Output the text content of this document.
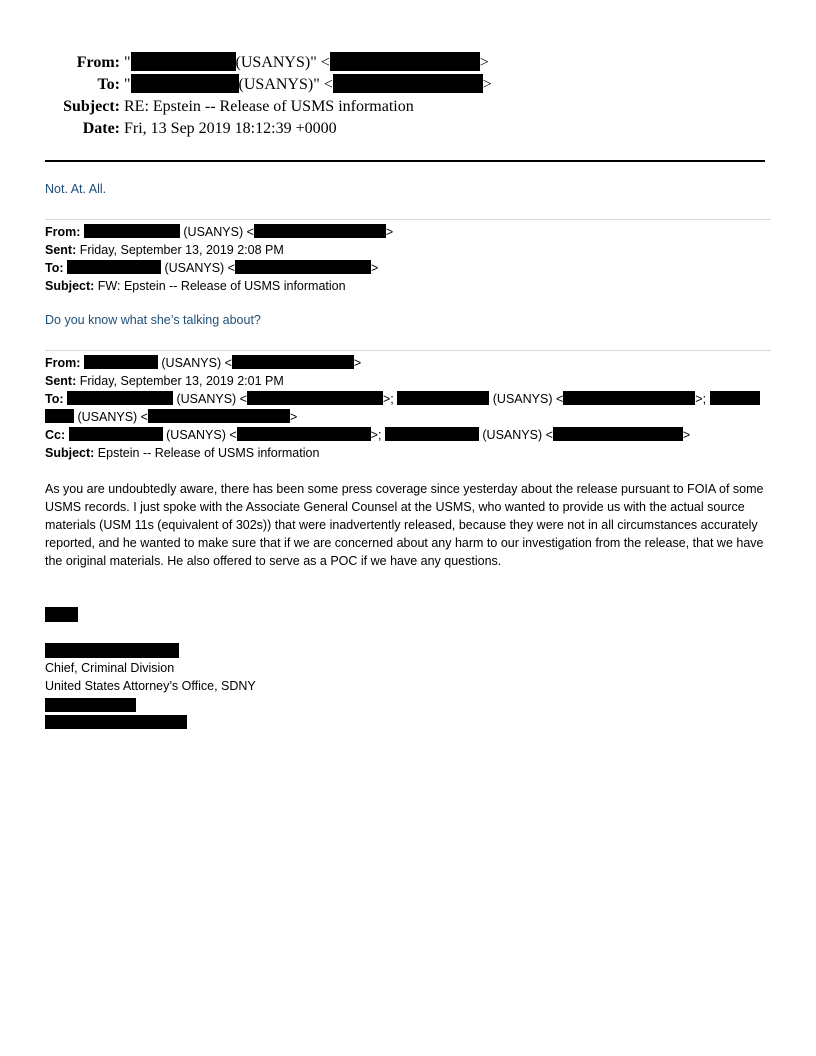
From: "	(USANYS)" <	>
To: "	(USANYS)" <	>
Subject: RE: Epstein -- Release of USMS information
Date: Fri, 13 Sep 2019 18:12:39 +0000
Not. At. All.
From:	(USANYS) <	>
Sent: Friday, September 13, 2019 2:08 PM
To:	(USANYS) <	>
Subject: FW: Epstein -- Release of USMS information
Do you know what she’s talking about?
From:	(USANYS) <	>
Sent: Friday, September 13, 2019 2:01 PM
To:	(USANYS) <	>;	(USANYS) <	>;
(USANYS) <	>
Cc:	(USANYS) <	>;	(USANYS) <	>
Subject: Epstein -- Release of USMS information
As you are undoubtedly aware, there has been some press coverage since yesterday about the release pursuant to FOIA of some USMS records. I just spoke with the Associate General Counsel at the USMS, who wanted to provide us with the actual source materials (USM 11s (equivalent of 302s)) that were inadvertently released, because they were not in all circumstances accurately reported, and he wanted to make sure that if we are concerned about any harm to our investigation from the release, that we have the original materials. He also offered to serve as a POC if we have any questions.
Chief, Criminal Division
United States Attorney’s Office, SDNY
